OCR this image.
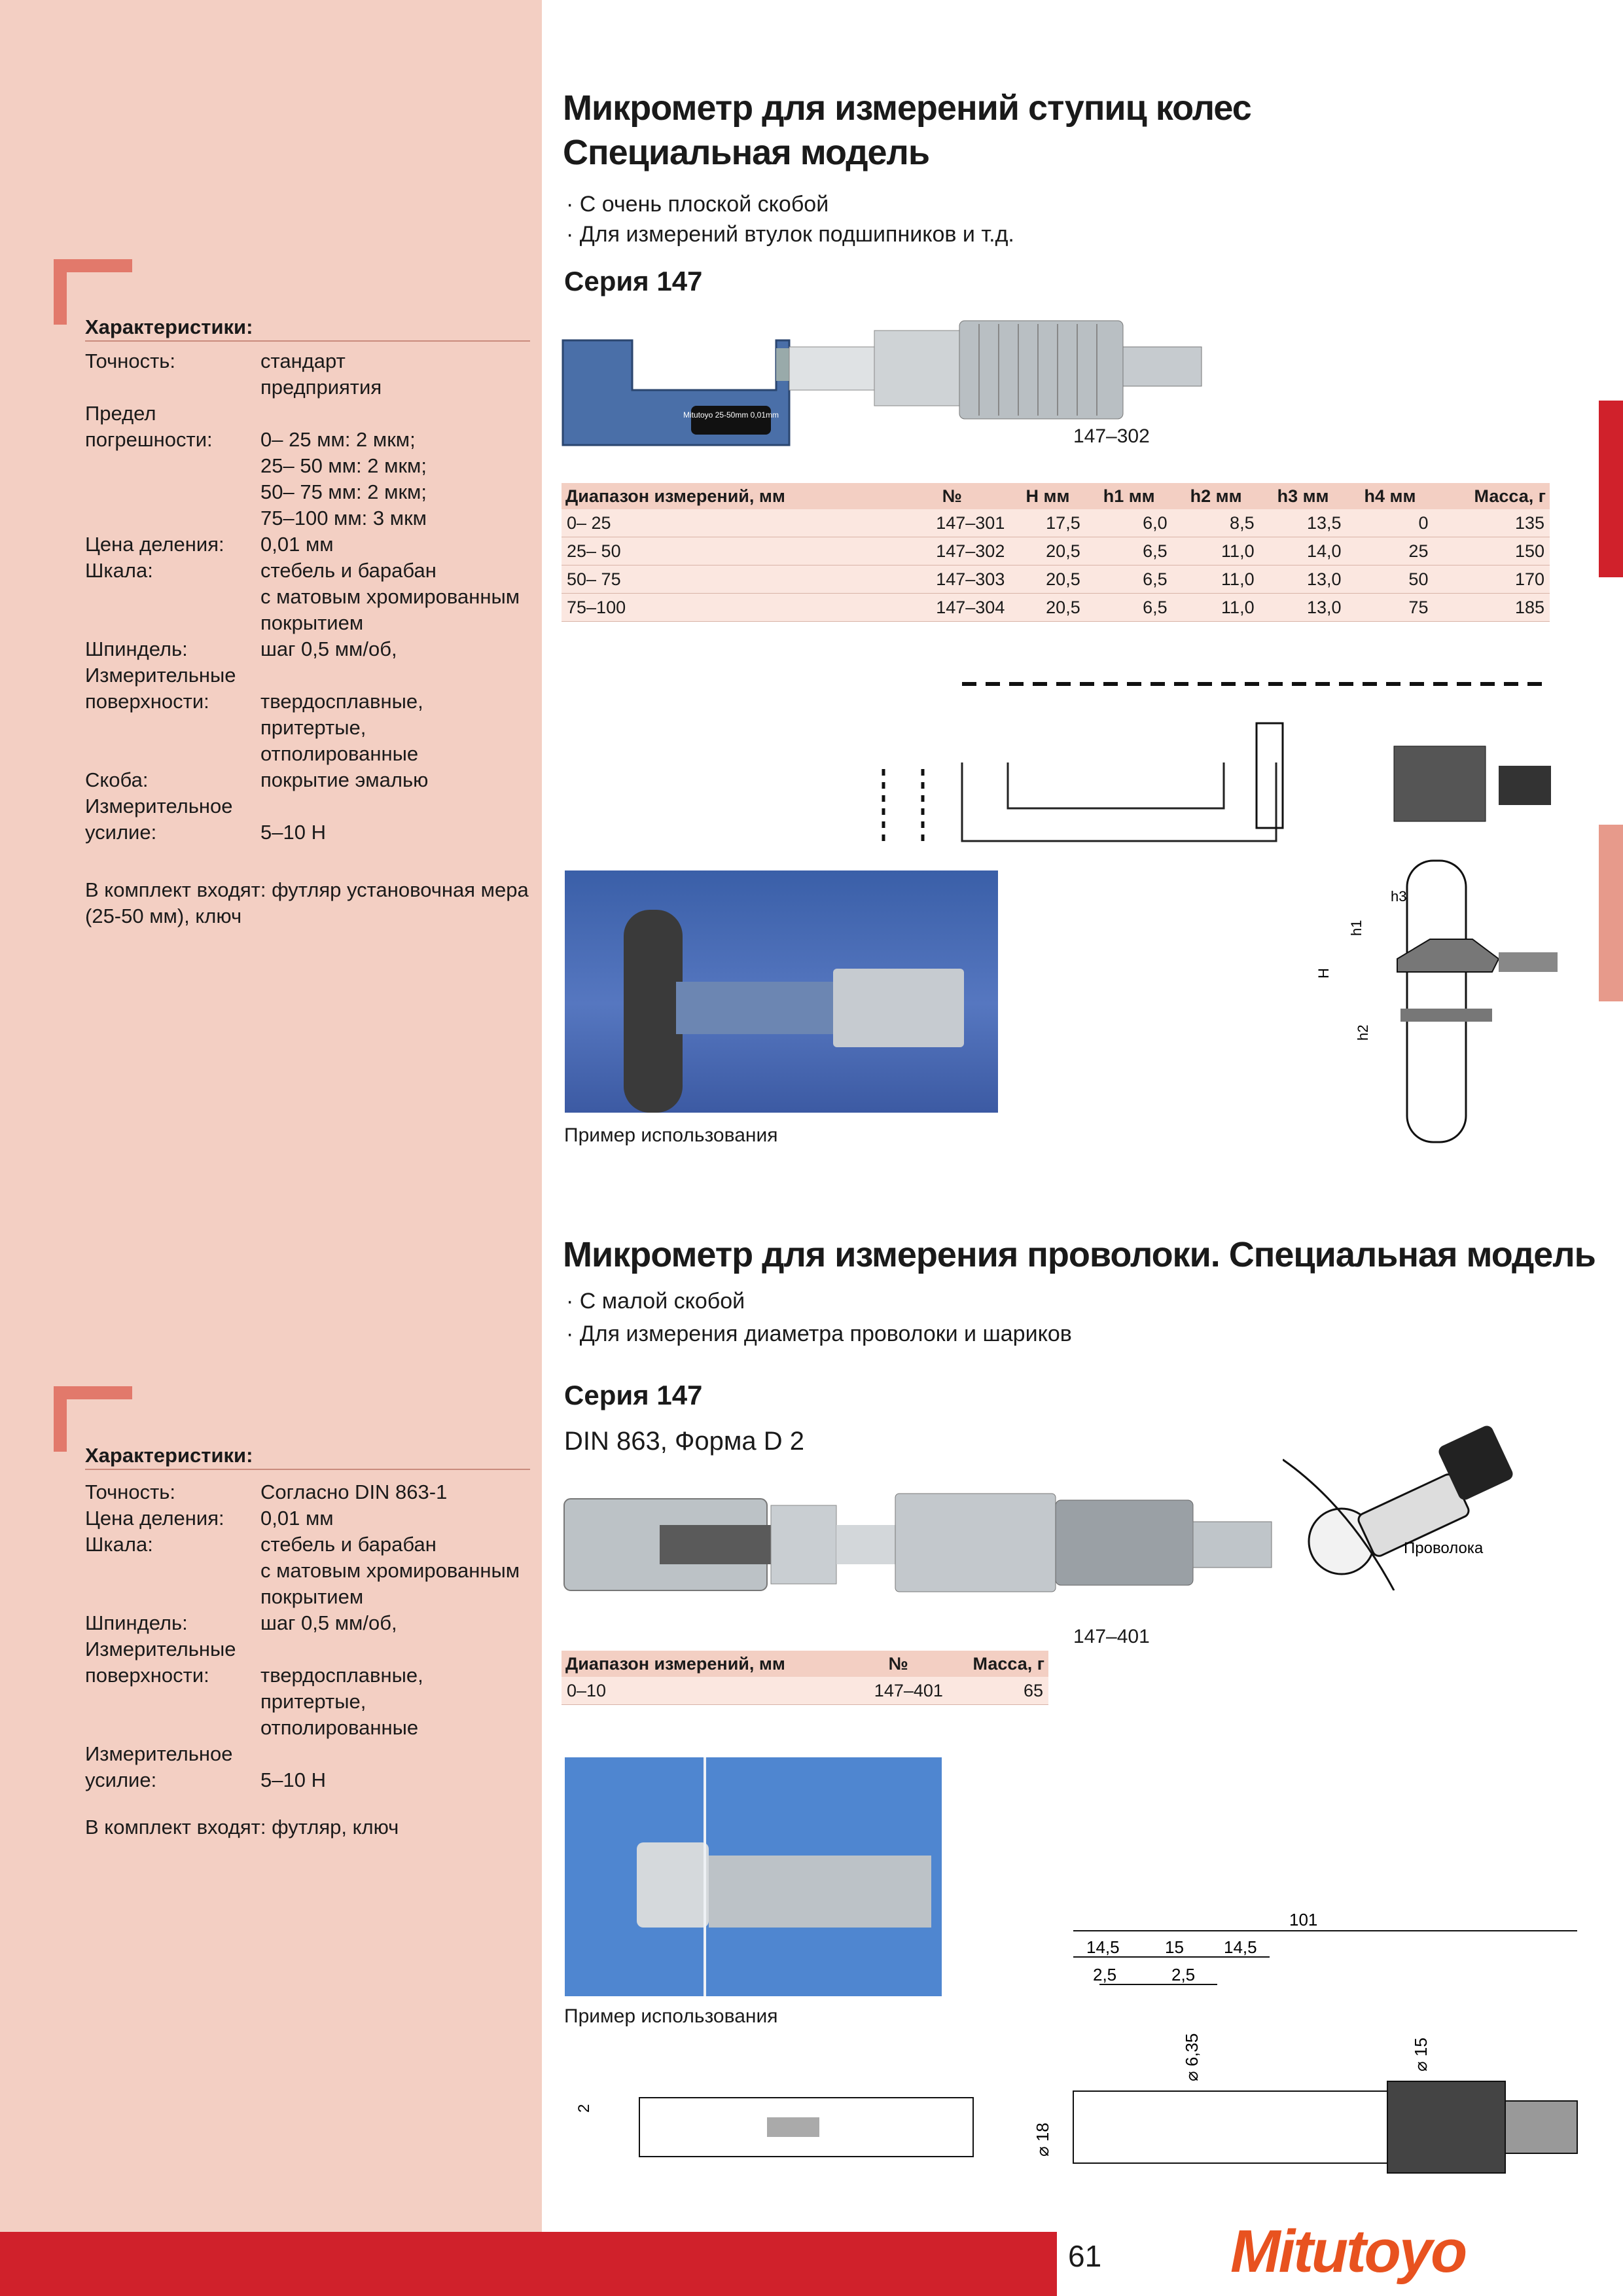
Характеристики:
Точность:	стандарт
предприятия
Предел
погрешности: 0– 25 мм: 2 мкм;
25– 50 мм: 2 мкм;
50– 75 мм: 2 мкм;
75–100 мм: 3 мкм
Цена деления: 0,01 мм
Шкала:	стебель и барабан
с матовым хромированным
покрытием
Шпиндель:	шаг 0,5 мм/об,
Измерительные
поверхности:	твердосплавные,
притертые,
отполированные
Скоба:	покрытие эмалью
Измерительное
усилие:	5–10 Н
В комплект входят: футляр установочная мера
(25-50 мм), ключ
Характеристики:
Точность:	Согласно DIN 863-1
Цена деления: 0,01 мм
Шкала:	стебель и барабан
с матовым хромированным
покрытием
Шпиндель:	шаг 0,5 мм/об,
Измерительные
поверхности:	твердосплавные,
притертые,
отполированные
Измерительное
усилие:	5–10 Н
В комплект входят: футляр, ключ
Микрометр для измерений ступиц колес
Специальная модель
· С очень плоской скобой
· Для измерений втулок подшипников и т.д.
Серия 147
Mitutoyo 25-50mm 0,01mm
147–302
Диапазон измерений, мм	№	H мм	h1 мм	h2 мм	h3 мм	h4 мм	Масса, г
0– 25	147–301	17,5	6,0	8,5	13,5	0	135
25– 50	147–302	20,5	6,5	11,0	14,0	25	150
50– 75	147–303	20,5	6,5	11,0	13,0	50	170
75–100	147–304	20,5	6,5	11,0	13,0	75	185
Пример использования
h3
h1
H
h2
Микрометр для измерения проволоки. Специальная модель
· С малой скобой
· Для измерения диаметра проволоки и шариков
Серия 147
DIN 863, Форма D 2
Проволока
147–401
Диапазон измерений, мм	№	Масса, г
0–10	147–401	65
Пример использования
101
14,5	15 14,5
2,5	2,5
⌀ 6,35	⌀ 15
⌀ 18
2
61 Mitutoyo
